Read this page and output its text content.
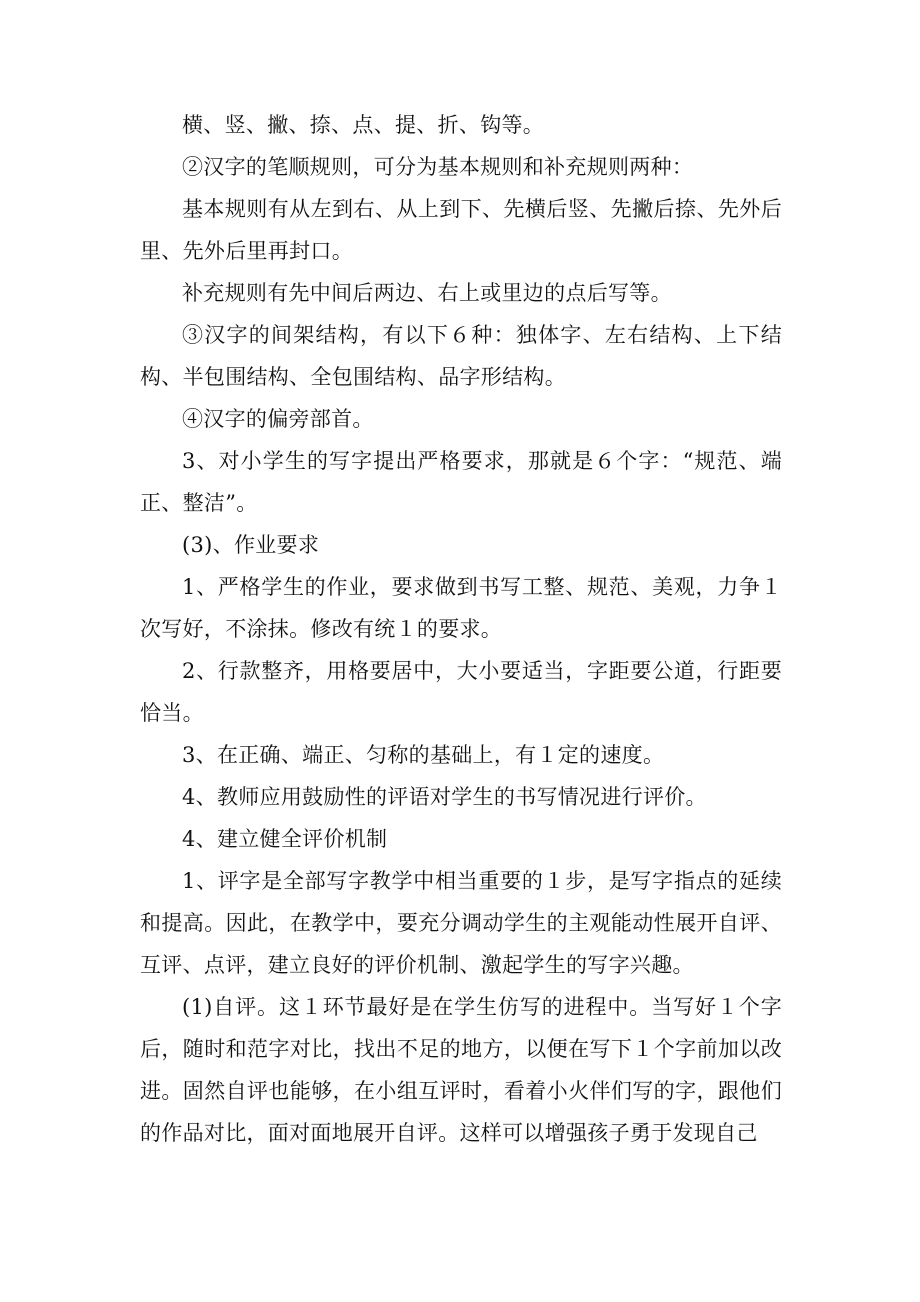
横、竖、撇、捺、点、提、折、钩等。

②汉字的笔顺规则，可分为基本规则和补充规则两种：

基本规则有从左到右、从上到下、先横后竖、先撇后捺、先外后里、先外后里再封口。

补充规则有先中间后两边、右上或里边的点后写等。

③汉字的间架结构，有以下６种：独体字、左右结构、上下结构、半包围结构、全包围结构、品字形结构。

④汉字的偏旁部首。

3、对小学生的写字提出严格要求，那就是６个字：“规范、端正、整洁”。

(3)、作业要求

1、严格学生的作业，要求做到书写工整、规范、美观，力争１次写好，不涂抹。修改有统１的要求。

2、行款整齐，用格要居中，大小要适当，字距要公道，行距要恰当。

3、在正确、端正、匀称的基础上，有１定的速度。

4、教师应用鼓励性的评语对学生的书写情况进行评价。

4、建立健全评价机制

1、评字是全部写字教学中相当重要的１步，是写字指点的延续和提高。因此，在教学中，要充分调动学生的主观能动性展开自评、互评、点评，建立良好的评价机制、激起学生的写字兴趣。

(1)自评。这１环节最好是在学生仿写的进程中。当写好１个字后，随时和范字对比，找出不足的地方，以便在写下１个字前加以改进。固然自评也能够，在小组互评时，看着小火伴们写的字，跟他们的作品对比，面对面地展开自评。这样可以增强孩子勇于发现自己
